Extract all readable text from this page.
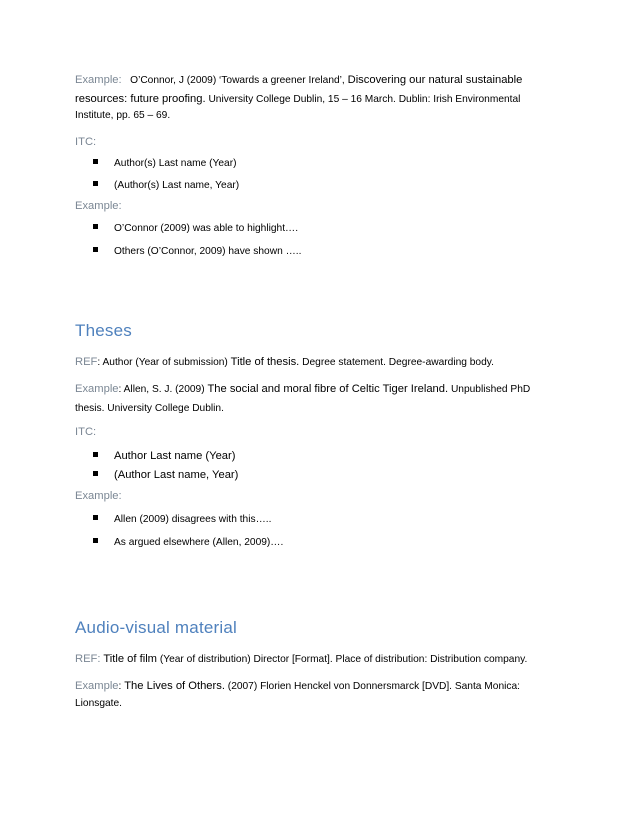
Example: O’Connor, J (2009) ‘Towards a greener Ireland’, Discovering our natural sustainable
resources: future proofing. University College Dublin, 15 – 16 March. Dublin: Irish Environmental
Institute, pp. 65 – 69.
ITC:
Author(s) Last name (Year)
(Author(s) Last name, Year)
Example:
O’Connor (2009) was able to highlight….
Others (O’Connor, 2009) have shown …..
Theses
REF: Author (Year of submission) Title of thesis. Degree statement. Degree-awarding body.
Example: Allen, S. J. (2009) The social and moral fibre of Celtic Tiger Ireland. Unpublished PhD
thesis. University College Dublin.
ITC:
Author Last name (Year)
(Author Last name, Year)
Example:
Allen (2009) disagrees with this…..
As argued elsewhere (Allen, 2009)….
Audio-visual material
REF: Title of film (Year of distribution) Director [Format]. Place of distribution: Distribution company.
Example: The Lives of Others. (2007) Florien Henckel von Donnersmarck [DVD]. Santa Monica:
Lionsgate.
